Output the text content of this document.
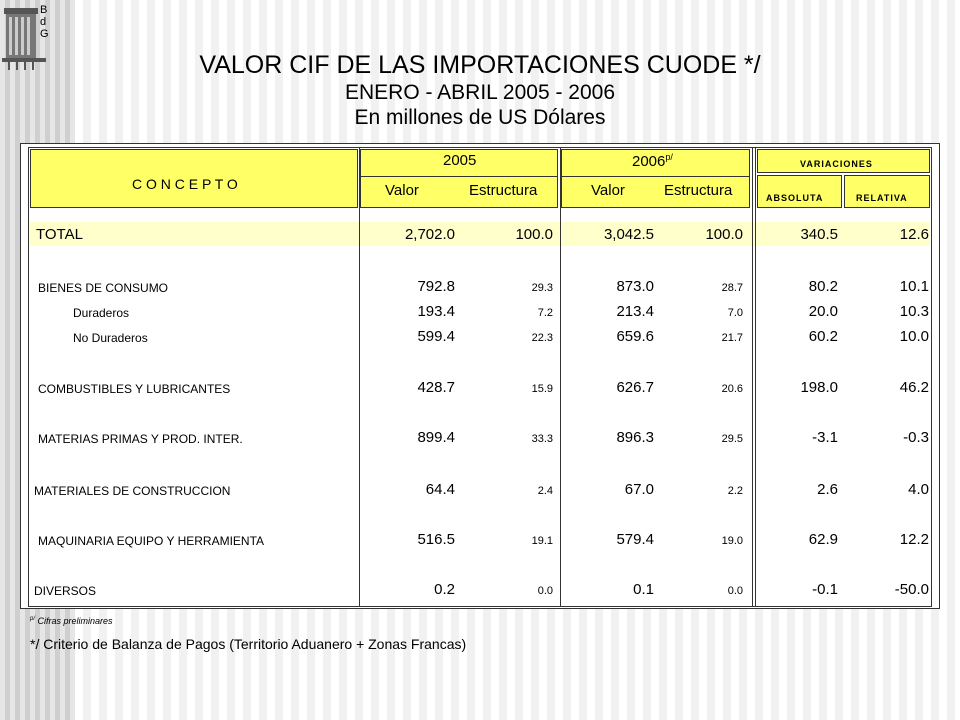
B
d
G
VALOR CIF DE LAS IMPORTACIONES CUODE */
ENERO - ABRIL 2005 - 2006
En millones de US Dólares
C O N C E P T O
2005	$2006^{p/}$
Valor	Estructura	Valor	Estructura
VARIACIONES
ABSOLUTA	RELATIVA
TOTAL	2,702.0	100.0	3,042.5	100.0	340.5	12.6
BIENES DE CONSUMO	792.8	29.3	873.0	28.7	80.2	10.1
Duraderos	193.4	7.2	213.4	7.0	20.0	10.3
No Duraderos	599.4	22.3	659.6	21.7	60.2	10.0
COMBUSTIBLES Y LUBRICANTES	428.7	15.9	626.7	20.6	198.0	46.2
MATERIAS PRIMAS Y PROD. INTER.	899.4	33.3	896.3	29.5	-3.1	-0.3
MATERIALES DE CONSTRUCCION	64.4	2.4	67.0	2.2	2.6	4.0
MAQUINARIA EQUIPO Y HERRAMIENTA	516.5	19.1	579.4	19.0	62.9	12.2
DIVERSOS	0.2	0.0	0.1	0.0	-0.1	-50.0
$^{p/}$ Cifras preliminares
*/ Criterio de Balanza de Pagos (Territorio Aduanero + Zonas Francas)
